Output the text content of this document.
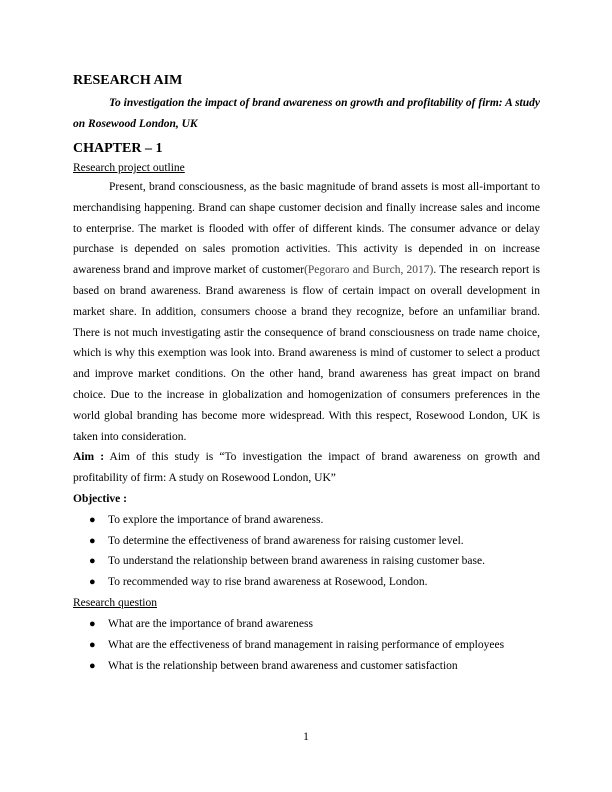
RESEARCH AIM

To investigation the impact of brand awareness on growth and profitability of firm: A study on Rosewood London, UK

CHAPTER – 1

Research project outline

Present, brand consciousness, as the basic magnitude of brand assets is most all-important to merchandising happening. Brand can shape customer decision and finally increase sales and income to enterprise. The market is flooded with offer of different kinds. The consumer advance or delay purchase is depended on sales promotion activities. This activity is depended in on increase awareness brand and improve market of customer(Pegoraro and Burch, 2017). The research report is based on brand awareness. Brand awareness is flow of certain impact on overall development in market share. In addition, consumers choose a brand they recognize, before an unfamiliar brand. There is not much investigating astir the consequence of brand consciousness on trade name choice, which is why this exemption was look into. Brand awareness is mind of customer to select a product and improve market conditions. On the other hand, brand awareness has great impact on brand choice. Due to the increase in globalization and homogenization of consumers preferences in the world global branding has become more widespread. With this respect, Rosewood London, UK is taken into consideration.

Aim : Aim of this study is “To investigation the impact of brand awareness on growth and profitability of firm: A study on Rosewood London, UK”

Objective :

● To explore the importance of brand awareness.
● To determine the effectiveness of brand awareness for raising customer level.
● To understand the relationship between brand awareness in raising customer base.
● To recommended way to rise brand awareness at Rosewood, London.

Research question

● What are the importance of brand awareness
● What are the effectiveness of brand management in raising performance of employees
● What is the relationship between brand awareness and customer satisfaction
1
